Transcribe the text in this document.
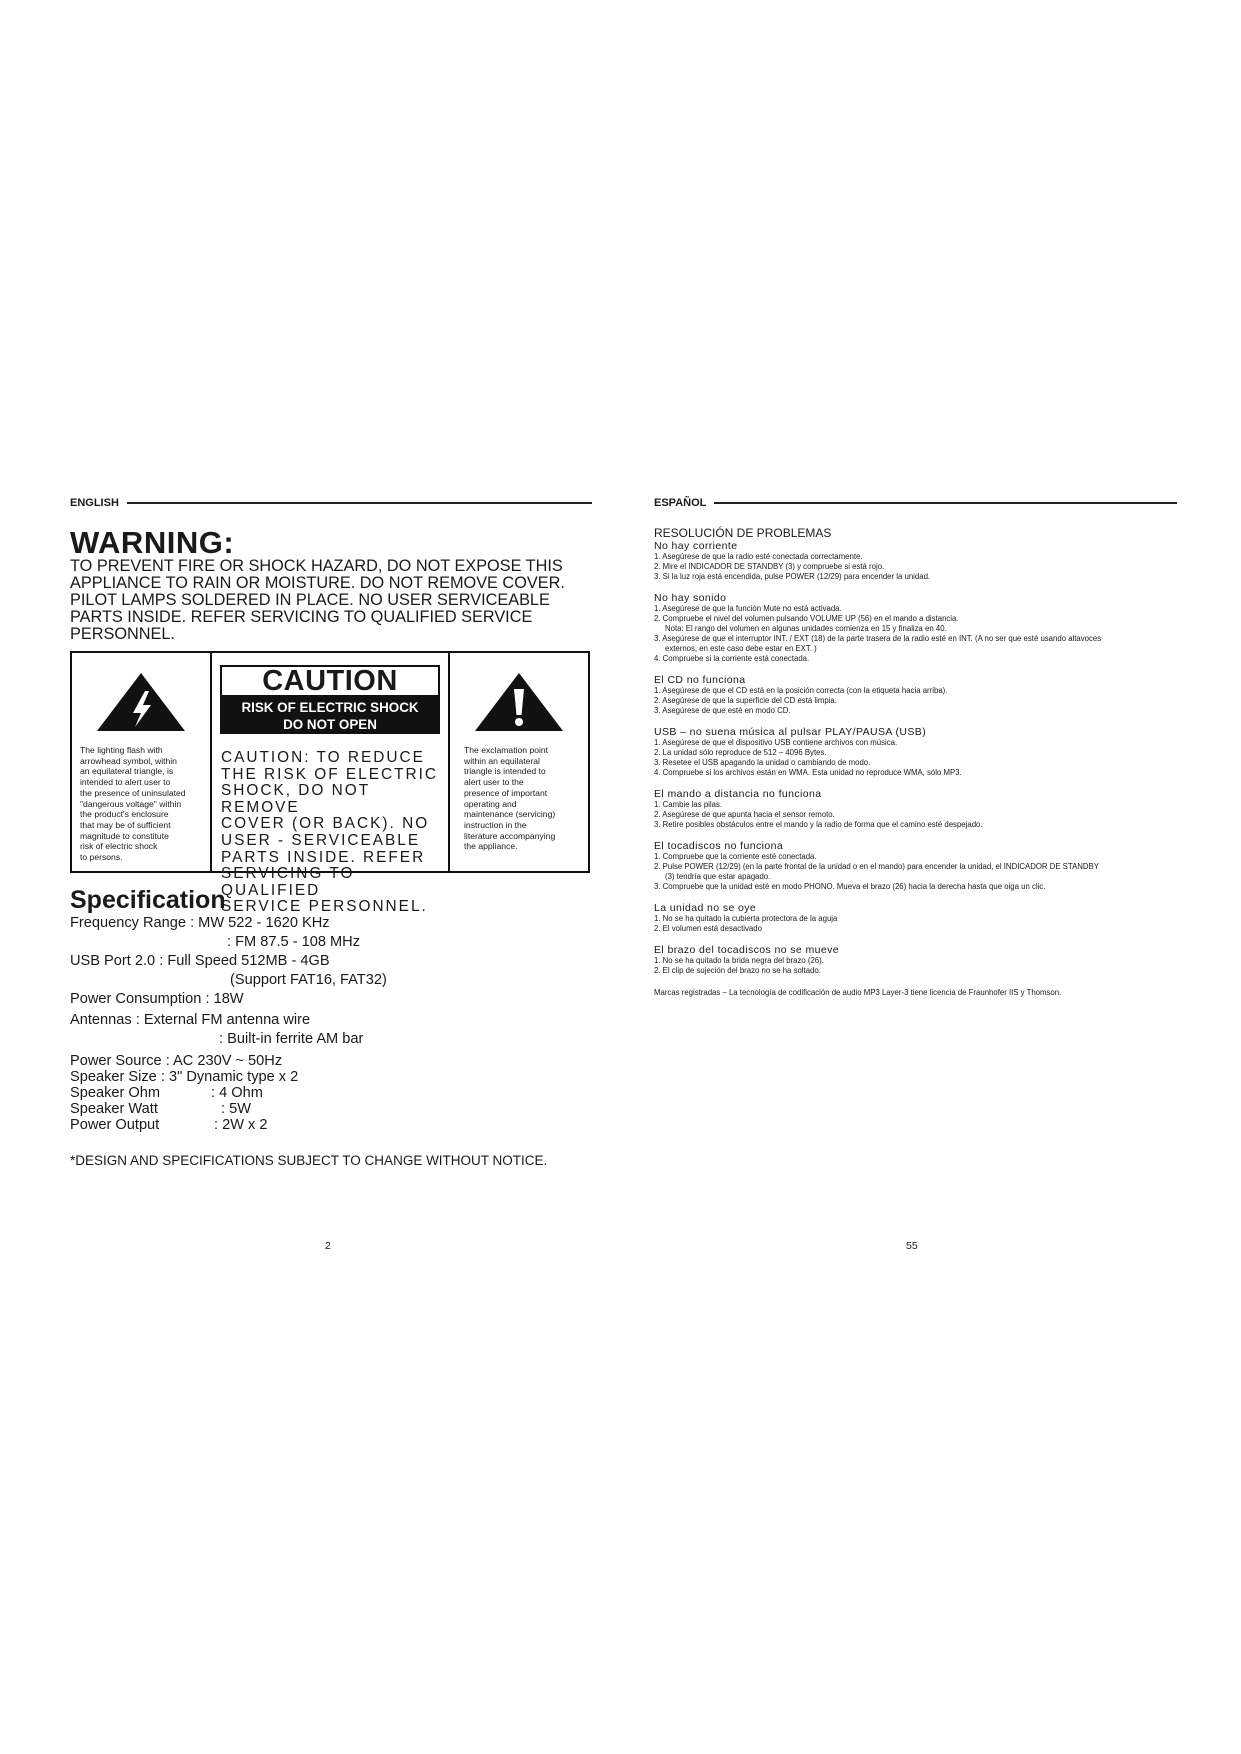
ENGLISH
WARNING:
TO PREVENT FIRE OR SHOCK HAZARD, DO NOT EXPOSE THIS
APPLIANCE TO RAIN OR MOISTURE. DO NOT REMOVE COVER.
PILOT LAMPS SOLDERED IN PLACE. NO USER SERVICEABLE
PARTS INSIDE. REFER SERVICING TO QUALIFIED SERVICE
PERSONNEL.
The lighting flash with
arrowhead symbol, within
an equilateral triangle, is
intended to alert user to
the presence of uninsulated
"dangerous voltage" within
the product's enclosure
that may be of sufficient
magnitude to constitute
risk of electric shock
to persons.
CAUTION
RISK OF ELECTRIC SHOCK
DO NOT OPEN
CAUTION: TO REDUCE
THE RISK OF ELECTRIC
SHOCK, DO NOT REMOVE
COVER (OR BACK). NO
USER - SERVICEABLE
PARTS INSIDE. REFER
SERVICING TO QUALIFIED
SERVICE PERSONNEL.
The exclamation point
within an equilateral
triangle is intended to
alert user to the
presence of important
operating and
maintenance (servicing)
instruction in the
literature accompanying
the appliance.
Specification
Frequency Range : MW 522 - 1620 KHz
: FM 87.5 - 108 MHz
USB Port 2.0 : Full Speed 512MB - 4GB
(Support FAT16, FAT32)
Power Consumption : 18W
Antennas : External FM antenna wire
: Built-in ferrite AM bar
Power Source : AC 230V ~ 50Hz
Speaker Size : 3" Dynamic type x 2
Speaker Ohm	: 4 Ohm
Speaker Watt	: 5W
Power Output	: 2W x 2
*DESIGN AND SPECIFICATIONS SUBJECT TO CHANGE WITHOUT NOTICE.
2
ESPAÑOL
RESOLUCIÓN DE PROBLEMAS
No hay corriente
1. Asegúrese de que la radio esté conectada correctamente.
2. Mire el INDICADOR DE STANDBY (3) y compruebe si está rojo.
3. Si la luz roja está encendida, pulse POWER (12/29) para encender la unidad.
No hay sonido
1. Asegúrese de que la función Mute no está activada.
2. Compruebe el nivel del volumen pulsando VOLUME UP (56) en el mando a distancia.
Nota: El rango del volumen en algunas unidades comienza en 15 y finaliza en 40.
3. Asegúrese de que el interruptor INT. / EXT (18) de la parte trasera de la radio esté en INT. (A no ser que esté usando altavoces
externos, en este caso debe estar en EXT. )
4. Compruebe si la corriente está conectada.
El CD no funciona
1. Asegúrese de que el CD está en la posición correcta (con la etiqueta hacia arriba).
2. Asegúrese de que la superficie del CD está limpia.
3. Asegúrese de que esté en modo CD.
USB – no suena música al pulsar PLAY/PAUSA (USB)
1. Asegúrese de que el dispositivo USB contiene archivos con música.
2. La unidad sólo reproduce de 512 – 4096 Bytes.
3. Resetee el USB apagando la unidad o cambiando de modo.
4. Compruebe si los archivos están en WMA. Esta unidad no reproduce WMA, sólo MP3.
El mando a distancia no funciona
1. Cambie las pilas.
2. Asegúrese de que apunta hacia el sensor remoto.
3. Retire posibles obstáculos entre el mando y la radio de forma que el camino esté despejado.
El tocadiscos no funciona
1. Compruebe que la corriente esté conectada.
2. Pulse POWER (12/29) (en la parte frontal de la unidad o en el mando) para encender la unidad, el INDICADOR DE STANDBY
(3) tendría que estar apagado.
3. Compruebe que la unidad esté en modo PHONO. Mueva el brazo (26) hacia la derecha hasta que oiga un clic.
La unidad no se oye
1. No se ha quitado la cubierta protectora de la aguja
2. El volumen está desactivado
El brazo del tocadiscos no se mueve
1. No se ha quitado la brida negra del brazo (26).
2. El clip de sujeción del brazo no se ha soltado.
Marcas registradas – La tecnología de codificación de audio MP3 Layer-3 tiene licencia de Fraunhofer IIS y Thomson.
55
